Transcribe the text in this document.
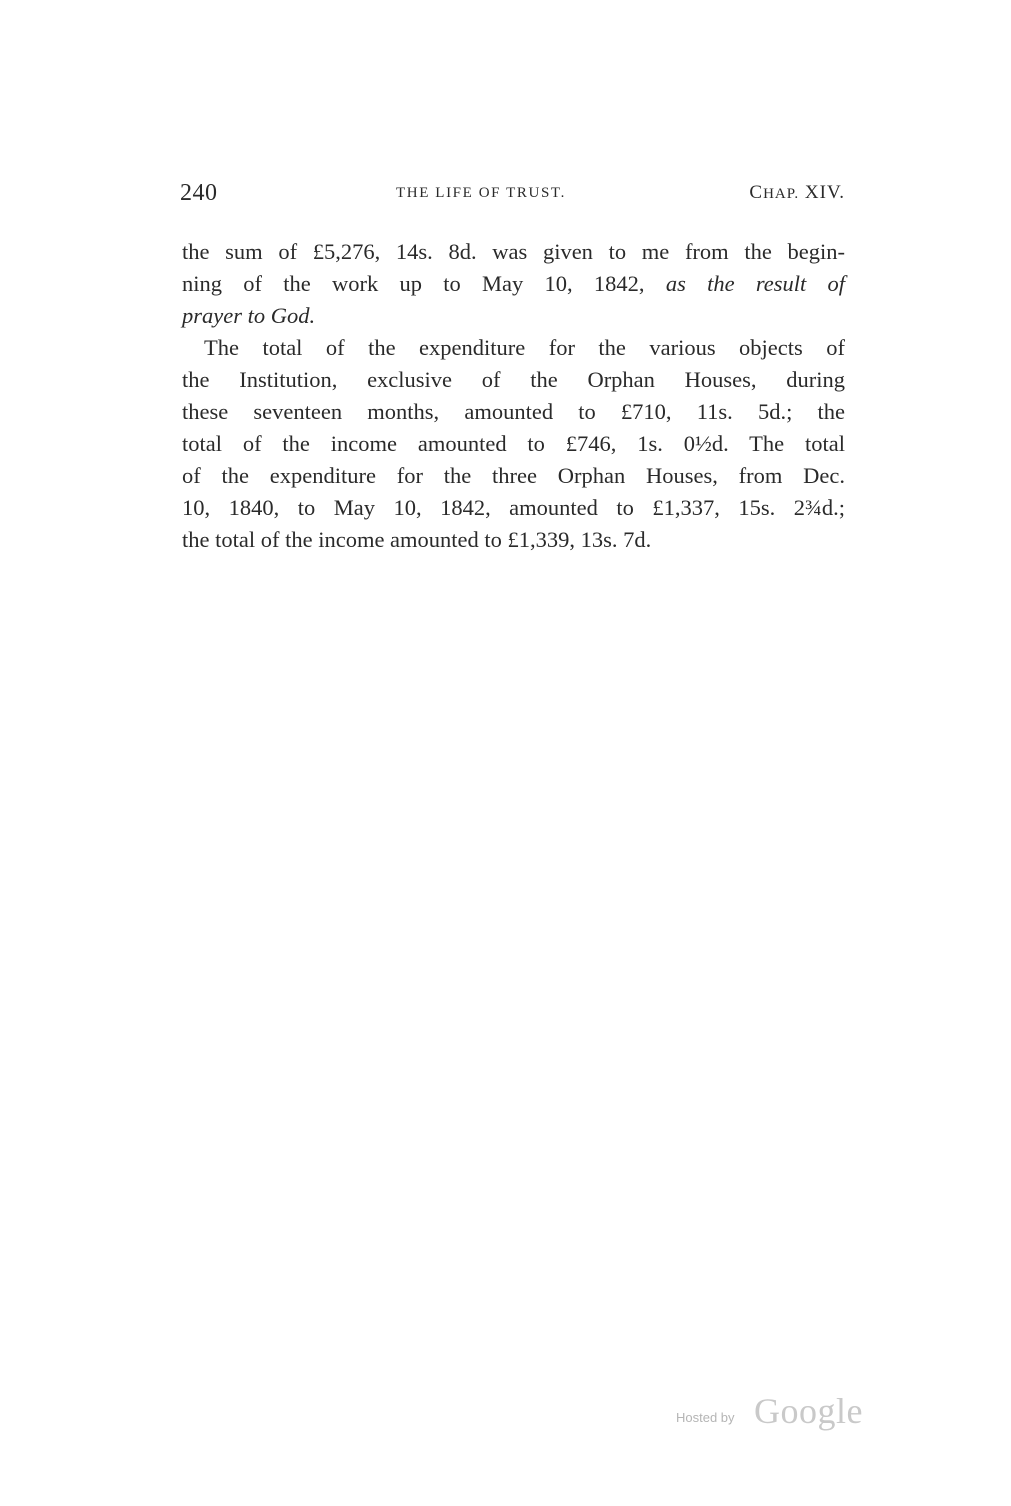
240	THE LIFE OF TRUST.	CHAP. XIV.
the sum of £5,276, 14s. 8d. was given to me from the begin-
ning of the work up to May 10, 1842, as the result of
prayer to God.
The total of the expenditure for the various objects of
the Institution, exclusive of the Orphan Houses, during
these seventeen months, amounted to £710, 11s. 5d.; the
total of the income amounted to £746, 1s. 0½d. The total
of the expenditure for the three Orphan Houses, from Dec.
10, 1840, to May 10, 1842, amounted to £1,337, 15s. 2¾d.;
the total of the income amounted to £1,339, 13s. 7d.
Hosted by Google
